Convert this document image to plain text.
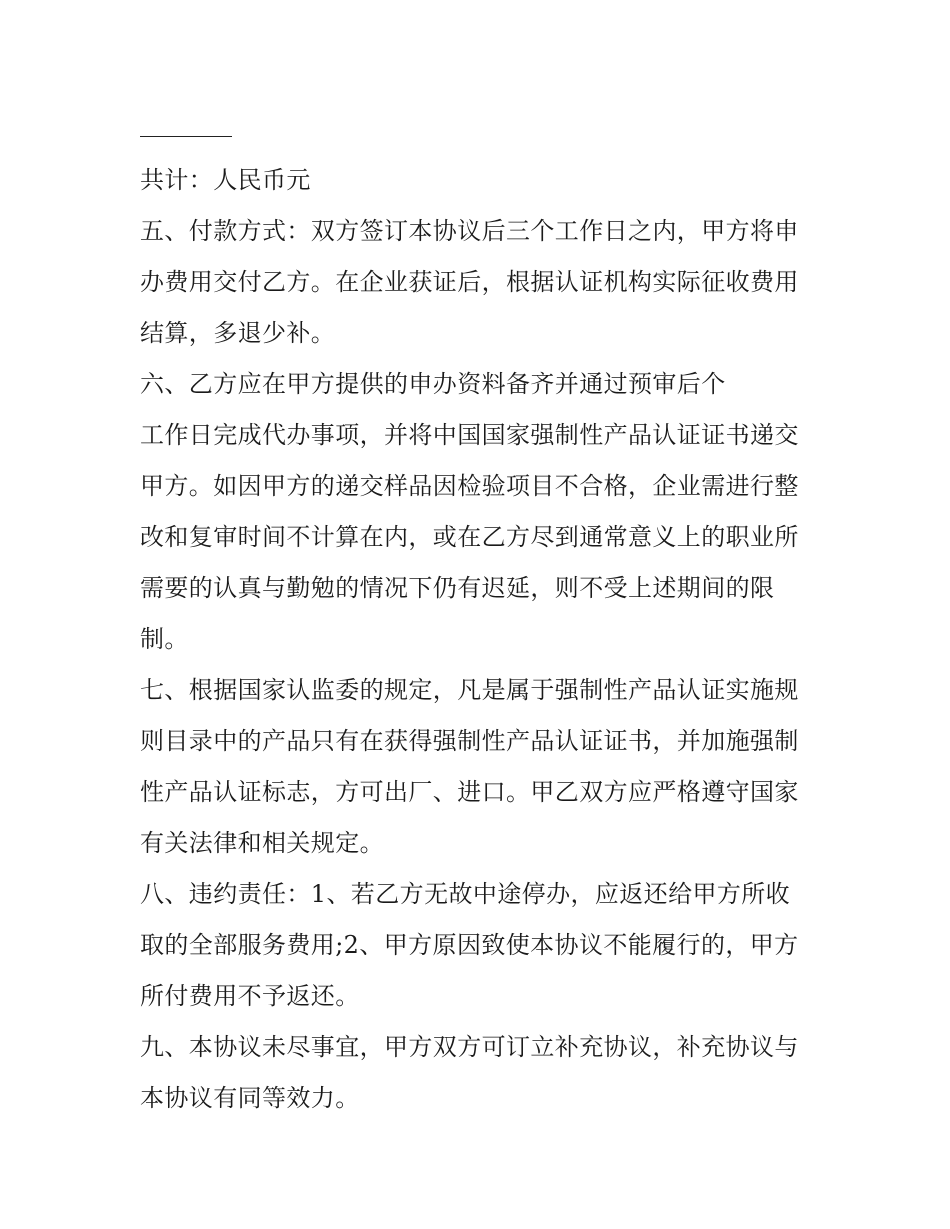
共计：人民币元
五、付款方式：双方签订本协议后三个工作日之内，甲方将申
办费用交付乙方。在企业获证后，根据认证机构实际征收费用
结算，多退少补。
六、乙方应在甲方提供的申办资料备齐并通过预审后个
工作日完成代办事项，并将中国国家强制性产品认证证书递交
甲方。如因甲方的递交样品因检验项目不合格，企业需进行整
改和复审时间不计算在内，或在乙方尽到通常意义上的职业所
需要的认真与勤勉的情况下仍有迟延，则不受上述期间的限
制。
七、根据国家认监委的规定，凡是属于强制性产品认证实施规
则目录中的产品只有在获得强制性产品认证证书，并加施强制
性产品认证标志，方可出厂、进口。甲乙双方应严格遵守国家
有关法律和相关规定。
八、违约责任：1、若乙方无故中途停办，应返还给甲方所收
取的全部服务费用;2、甲方原因致使本协议不能履行的，甲方
所付费用不予返还。
九、本协议未尽事宜，甲方双方可订立补充协议，补充协议与
本协议有同等效力。
